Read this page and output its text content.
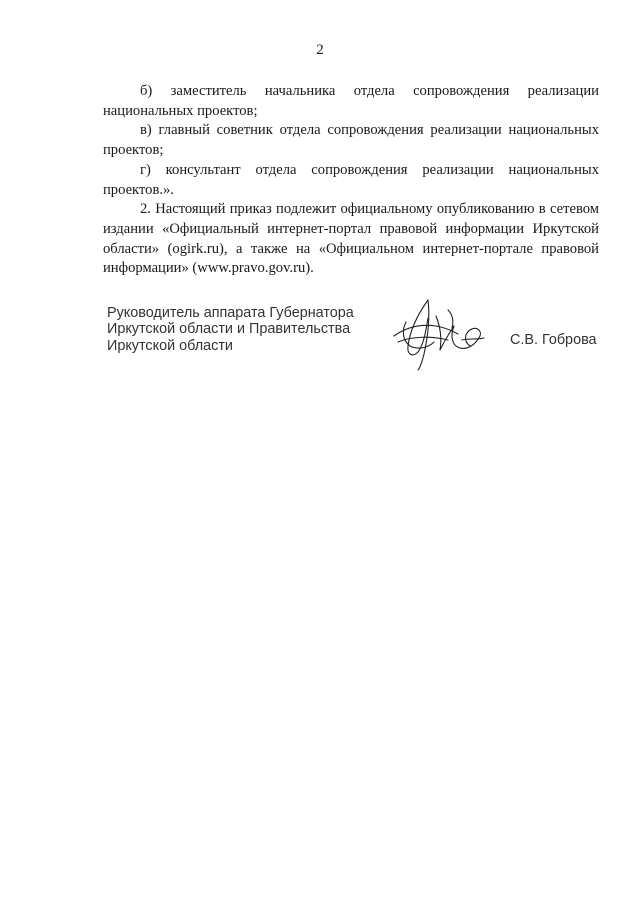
2

б) заместитель начальника отдела сопровождения реализации национальных проектов;

в) главный советник отдела сопровождения реализации национальных проектов;

г) консультант отдела сопровождения реализации национальных проектов.».

2. Настоящий приказ подлежит официальному опубликованию в сетевом издании «Официальный интернет-портал правовой информации Иркутской области» (ogirk.ru), а также на «Официальном интернет-портале правовой информации» (www.pravo.gov.ru).

Руководитель аппарата Губернатора
Иркутской области и Правительства
Иркутской области	С.В. Гоброва
